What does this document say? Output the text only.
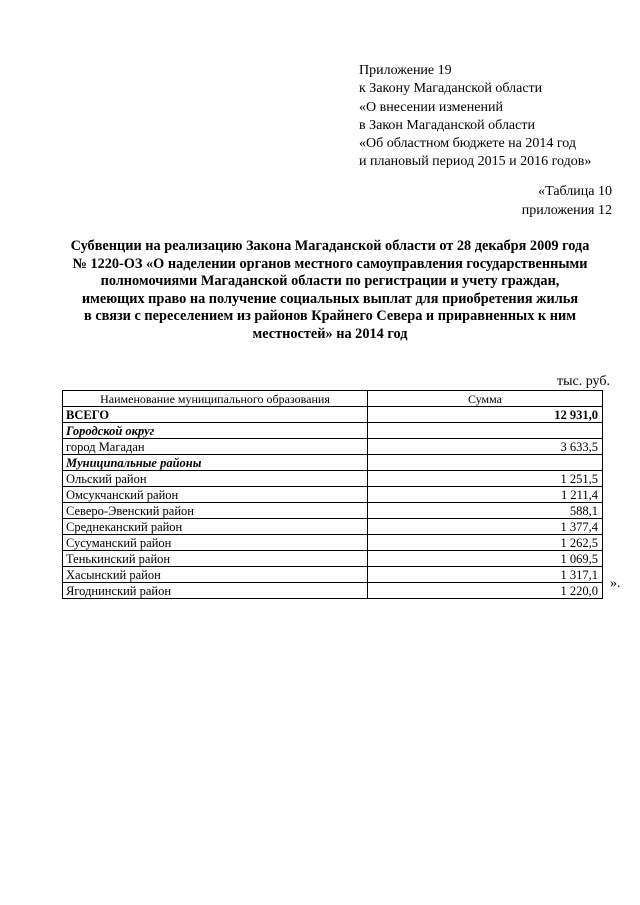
Приложение 19
к Закону Магаданской области
«О внесении изменений
в Закон Магаданской области
«Об областном бюджете на 2014 год
и плановый период 2015 и 2016 годов»
«Таблица 10
приложения 12
Субвенции на реализацию Закона Магаданской области от 28 декабря 2009 года
№ 1220-ОЗ «О наделении органов местного самоуправления государственными
полномочиями Магаданской области по регистрации и учету граждан,
имеющих право на получение социальных выплат для приобретения жилья
в связи с переселением из районов Крайнего Севера и приравненных к ним
местностей» на 2014 год
тыс. руб.
Наименование муниципального образования	Сумма
ВСЕГО	12 931,0
Городской округ	
город Магадан	3 633,5
Муниципальные районы	
Ольский район	1 251,5
Омсукчанский район	1 211,4
Северо-Эвенский район	588,1
Среднеканский район	1 377,4
Сусуманский район	1 262,5
Тенькинский район	1 069,5
Хасынский район	1 317,1
Ягоднинский район	1 220,0 ».
